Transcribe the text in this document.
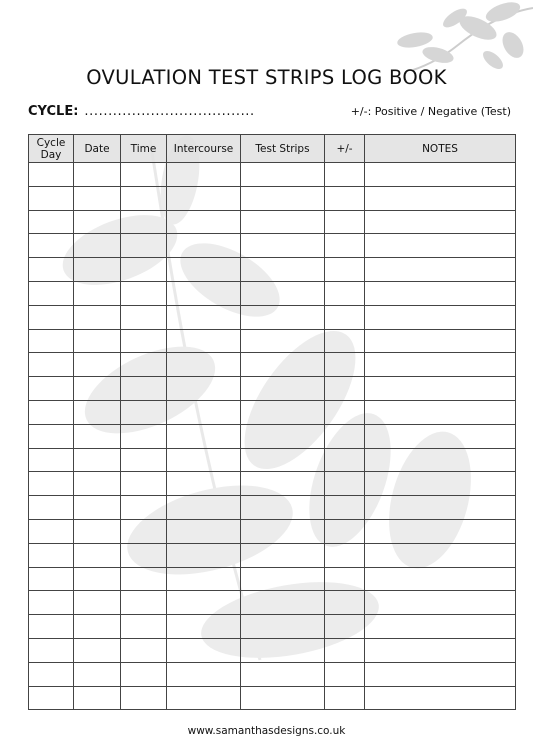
OVULATION TEST STRIPS LOG BOOK
CYCLE: ....................................	+/-: Positive / Negative (Test)
Cycle Day	Date	Time	Intercourse	Test Strips	+/-	NOTES

www.samanthasdesigns.co.uk
